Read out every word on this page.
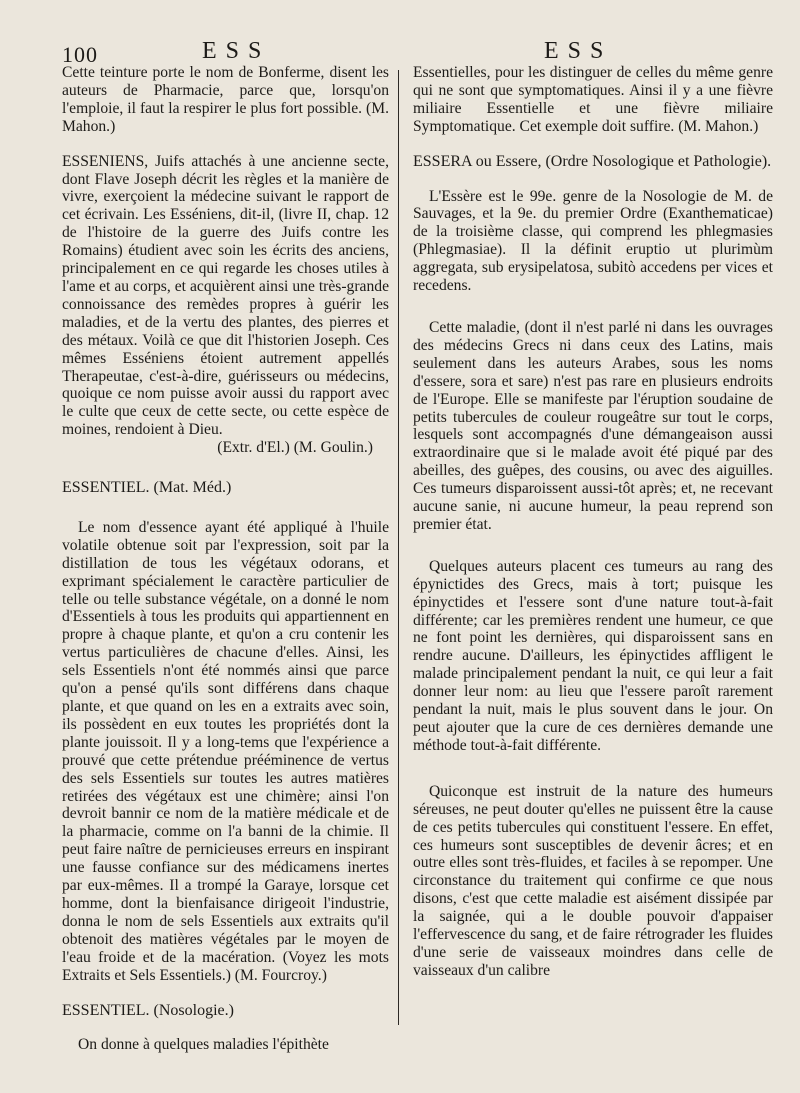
100	ESS	ESS

Cette teinture porte le nom de Bonferme, disent les auteurs de Pharmacie, parce que, lorsqu'on l'emploie, il faut la respirer le plus fort possible. (M. Mahon.)

ESSENIENS, Juifs attachés à une ancienne secte, dont Flave Joseph décrit les règles et la manière de vivre, exerçoient la médecine suivant le rapport de cet écrivain. Les Esséniens, dit-il, (livre II, chap. 12 de l'histoire de la guerre des Juifs contre les Romains) étudient avec soin les écrits des anciens, principalement en ce qui regarde les choses utiles à l'ame et au corps, et acquièrent ainsi une très-grande connoissance des remèdes propres à guérir les maladies, et de la vertu des plantes, des pierres et des métaux. Voilà ce que dit l'historien Joseph. Ces mêmes Esséniens étoient autrement appellés Therapeutae, c'est-à-dire, guérisseurs ou médecins, quoique ce nom puisse avoir aussi du rapport avec le culte que ceux de cette secte, ou cette espèce de moines, rendoient à Dieu.

(Extr. d'El.) (M. Goulin.)

ESSENTIEL. (Mat. Méd.)

Le nom d'essence ayant été appliqué à l'huile volatile obtenue soit par l'expression, soit par la distillation de tous les végétaux odorans, et exprimant spécialement le caractère particulier de telle ou telle substance végétale, on a donné le nom d'Essentiels à tous les produits qui appartiennent en propre à chaque plante, et qu'on a cru contenir les vertus particulières de chacune d'elles. Ainsi, les sels Essentiels n'ont été nommés ainsi que parce qu'on a pensé qu'ils sont différens dans chaque plante, et que quand on les en a extraits avec soin, ils possèdent en eux toutes les propriétés dont la plante jouissoit. Il y a long-tems que l'expérience a prouvé que cette prétendue prééminence de vertus des sels Essentiels sur toutes les autres matières retirées des végétaux est une chimère; ainsi l'on devroit bannir ce nom de la matière médicale et de la pharmacie, comme on l'a banni de la chimie. Il peut faire naître de pernicieuses erreurs en inspirant une fausse confiance sur des médicamens inertes par eux-mêmes. Il a trompé la Garaye, lorsque cet homme, dont la bienfaisance dirigeoit l'industrie, donna le nom de sels Essentiels aux extraits qu'il obtenoit des matières végétales par le moyen de l'eau froide et de la macération. (Voyez les mots Extraits et Sels Essentiels.) (M. Fourcroy.)

ESSENTIEL. (Nosologie.)

On donne à quelques maladies l'épithète

Essentielles, pour les distinguer de celles du même genre qui ne sont que symptomatiques. Ainsi il y a une fièvre miliaire Essentielle et une fièvre miliaire Symptomatique. Cet exemple doit suffire. (M. Mahon.)

ESSERA ou Essere, (Ordre Nosologique et Pathologie).

L'Essère est le 99e. genre de la Nosologie de M. de Sauvages, et la 9e. du premier Ordre (Exanthematicae) de la troisième classe, qui comprend les phlegmasies (Phlegmasiae). Il la définit eruptio ut plurimùm aggregata, sub erysipelatosa, subitò accedens per vices et recedens.

Cette maladie, (dont il n'est parlé ni dans les ouvrages des médecins Grecs ni dans ceux des Latins, mais seulement dans les auteurs Arabes, sous les noms d'essere, sora et sare) n'est pas rare en plusieurs endroits de l'Europe. Elle se manifeste par l'éruption soudaine de petits tubercules de couleur rougeâtre sur tout le corps, lesquels sont accompagnés d'une démangeaison aussi extraordinaire que si le malade avoit été piqué par des abeilles, des guêpes, des cousins, ou avec des aiguilles. Ces tumeurs disparoissent aussi-tôt après; et, ne recevant aucune sanie, ni aucune humeur, la peau reprend son premier état.

Quelques auteurs placent ces tumeurs au rang des épynictides des Grecs, mais à tort; puisque les épinyctides et l'essere sont d'une nature tout-à-fait différente; car les premières rendent une humeur, ce que ne font point les dernières, qui disparoissent sans en rendre aucune. D'ailleurs, les épinyctides affligent le malade principalement pendant la nuit, ce qui leur a fait donner leur nom: au lieu que l'essere paroît rarement pendant la nuit, mais le plus souvent dans le jour. On peut ajouter que la cure de ces dernières demande une méthode tout-à-fait différente.

Quiconque est instruit de la nature des humeurs séreuses, ne peut douter qu'elles ne puissent être la cause de ces petits tubercules qui constituent l'essere. En effet, ces humeurs sont susceptibles de devenir âcres; et en outre elles sont très-fluides, et faciles à se repomper. Une circonstance du traitement qui confirme ce que nous disons, c'est que cette maladie est aisément dissipée par la saignée, qui a le double pouvoir d'appaiser l'effervescence du sang, et de faire rétrograder les fluides d'une serie de vaisseaux moindres dans celle de vaisseaux d'un calibre
